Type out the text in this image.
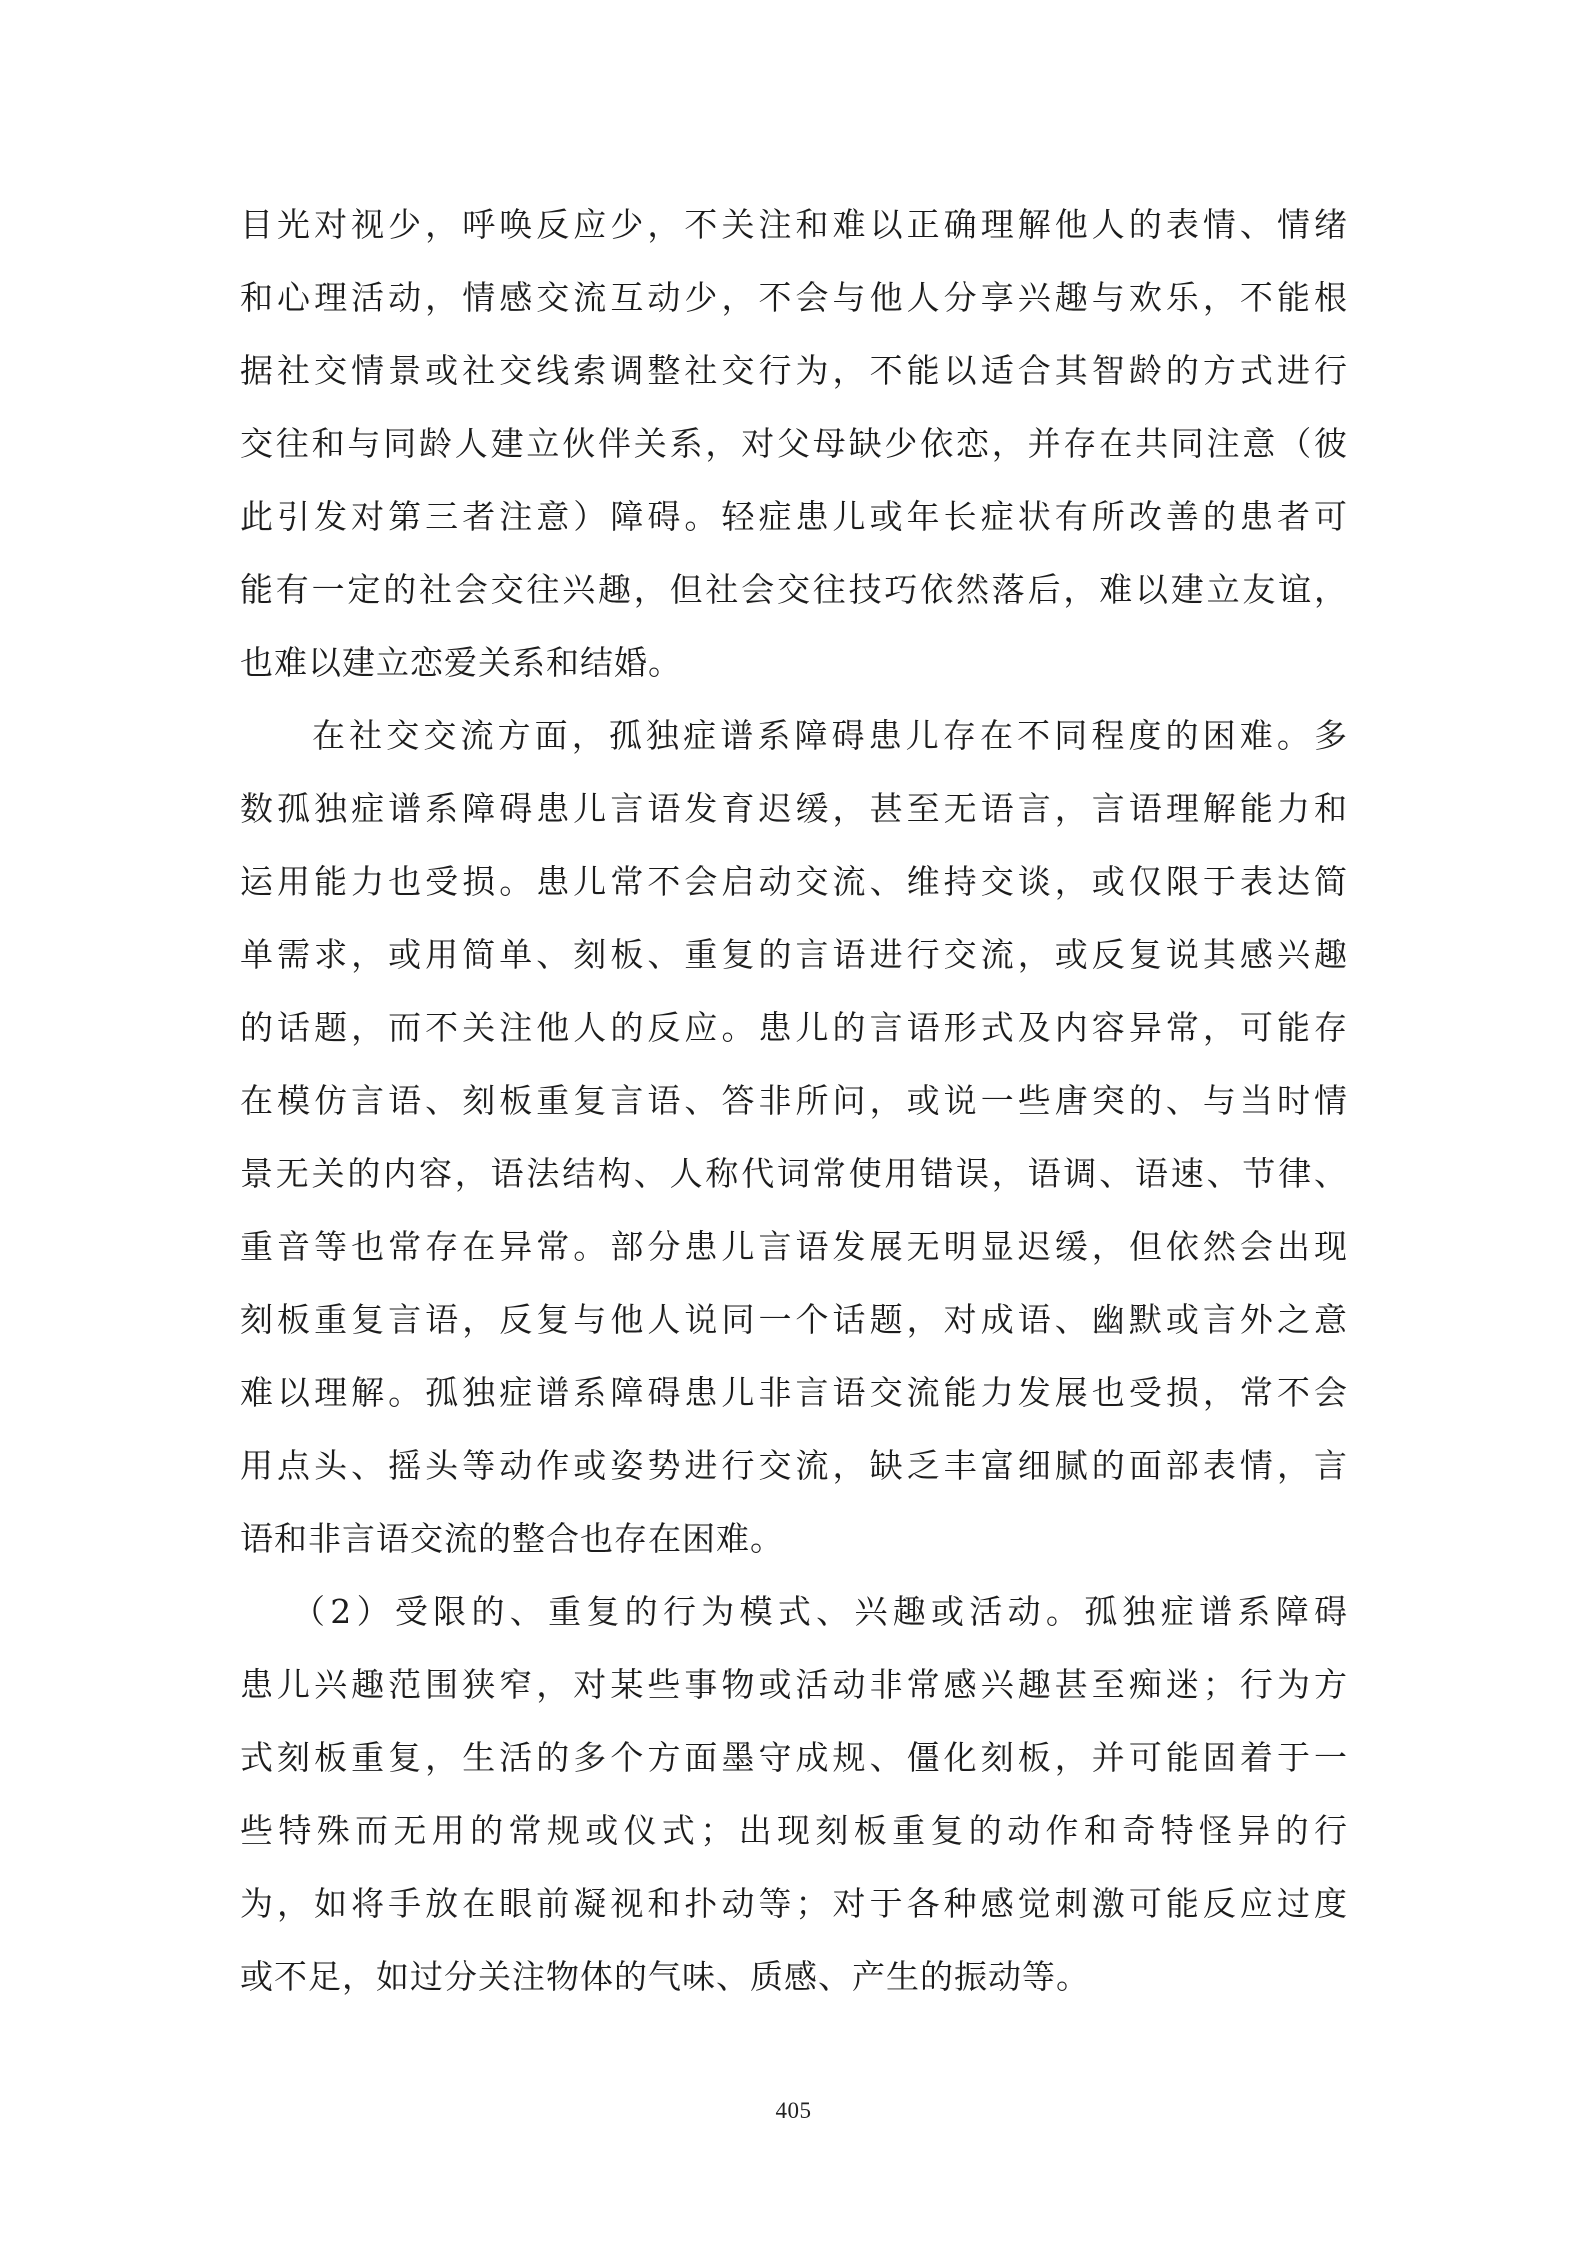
目光对视少，呼唤反应少，不关注和难以正确理解他人的表情、情绪
和心理活动，情感交流互动少，不会与他人分享兴趣与欢乐，不能根
据社交情景或社交线索调整社交行为，不能以适合其智龄的方式进行
交往和与同龄人建立伙伴关系，对父母缺少依恋，并存在共同注意（彼
此引发对第三者注意）障碍。轻症患儿或年长症状有所改善的患者可
能有一定的社会交往兴趣，但社会交往技巧依然落后，难以建立友谊，
也难以建立恋爱关系和结婚。
在社交交流方面，孤独症谱系障碍患儿存在不同程度的困难。多
数孤独症谱系障碍患儿言语发育迟缓，甚至无语言，言语理解能力和
运用能力也受损。患儿常不会启动交流、维持交谈，或仅限于表达简
单需求，或用简单、刻板、重复的言语进行交流，或反复说其感兴趣
的话题，而不关注他人的反应。患儿的言语形式及内容异常，可能存
在模仿言语、刻板重复言语、答非所问，或说一些唐突的、与当时情
景无关的内容，语法结构、人称代词常使用错误，语调、语速、节律、
重音等也常存在异常。部分患儿言语发展无明显迟缓，但依然会出现
刻板重复言语，反复与他人说同一个话题，对成语、幽默或言外之意
难以理解。孤独症谱系障碍患儿非言语交流能力发展也受损，常不会
用点头、摇头等动作或姿势进行交流，缺乏丰富细腻的面部表情，言
语和非言语交流的整合也存在困难。
（2）受限的、重复的行为模式、兴趣或活动。孤独症谱系障碍
患儿兴趣范围狭窄，对某些事物或活动非常感兴趣甚至痴迷；行为方
式刻板重复，生活的多个方面墨守成规、僵化刻板，并可能固着于一
些特殊而无用的常规或仪式；出现刻板重复的动作和奇特怪异的行
为，如将手放在眼前凝视和扑动等；对于各种感觉刺激可能反应过度
或不足，如过分关注物体的气味、质感、产生的振动等。
405
